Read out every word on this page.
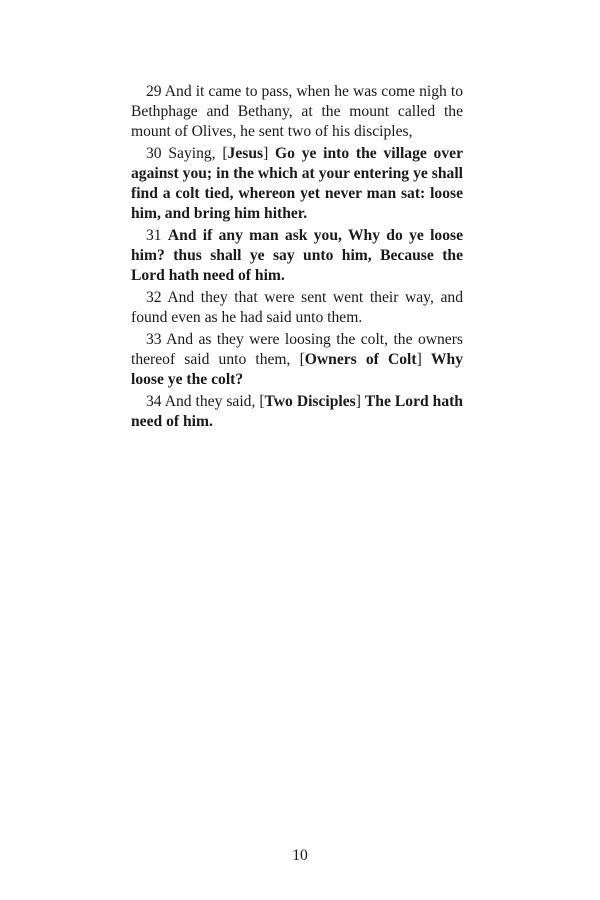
29 And it came to pass, when he was come nigh to Bethphage and Bethany, at the mount called the mount of Olives, he sent two of his disciples,

30 Saying, [Jesus] Go ye into the village over against you; in the which at your entering ye shall find a colt tied, whereon yet never man sat: loose him, and bring him hither.

31 And if any man ask you, Why do ye loose him? thus shall ye say unto him, Because the Lord hath need of him.

32 And they that were sent went their way, and found even as he had said unto them.

33 And as they were loosing the colt, the owners thereof said unto them, [Owners of Colt] Why loose ye the colt?

34 And they said, [Two Disciples] The Lord hath need of him.

10
